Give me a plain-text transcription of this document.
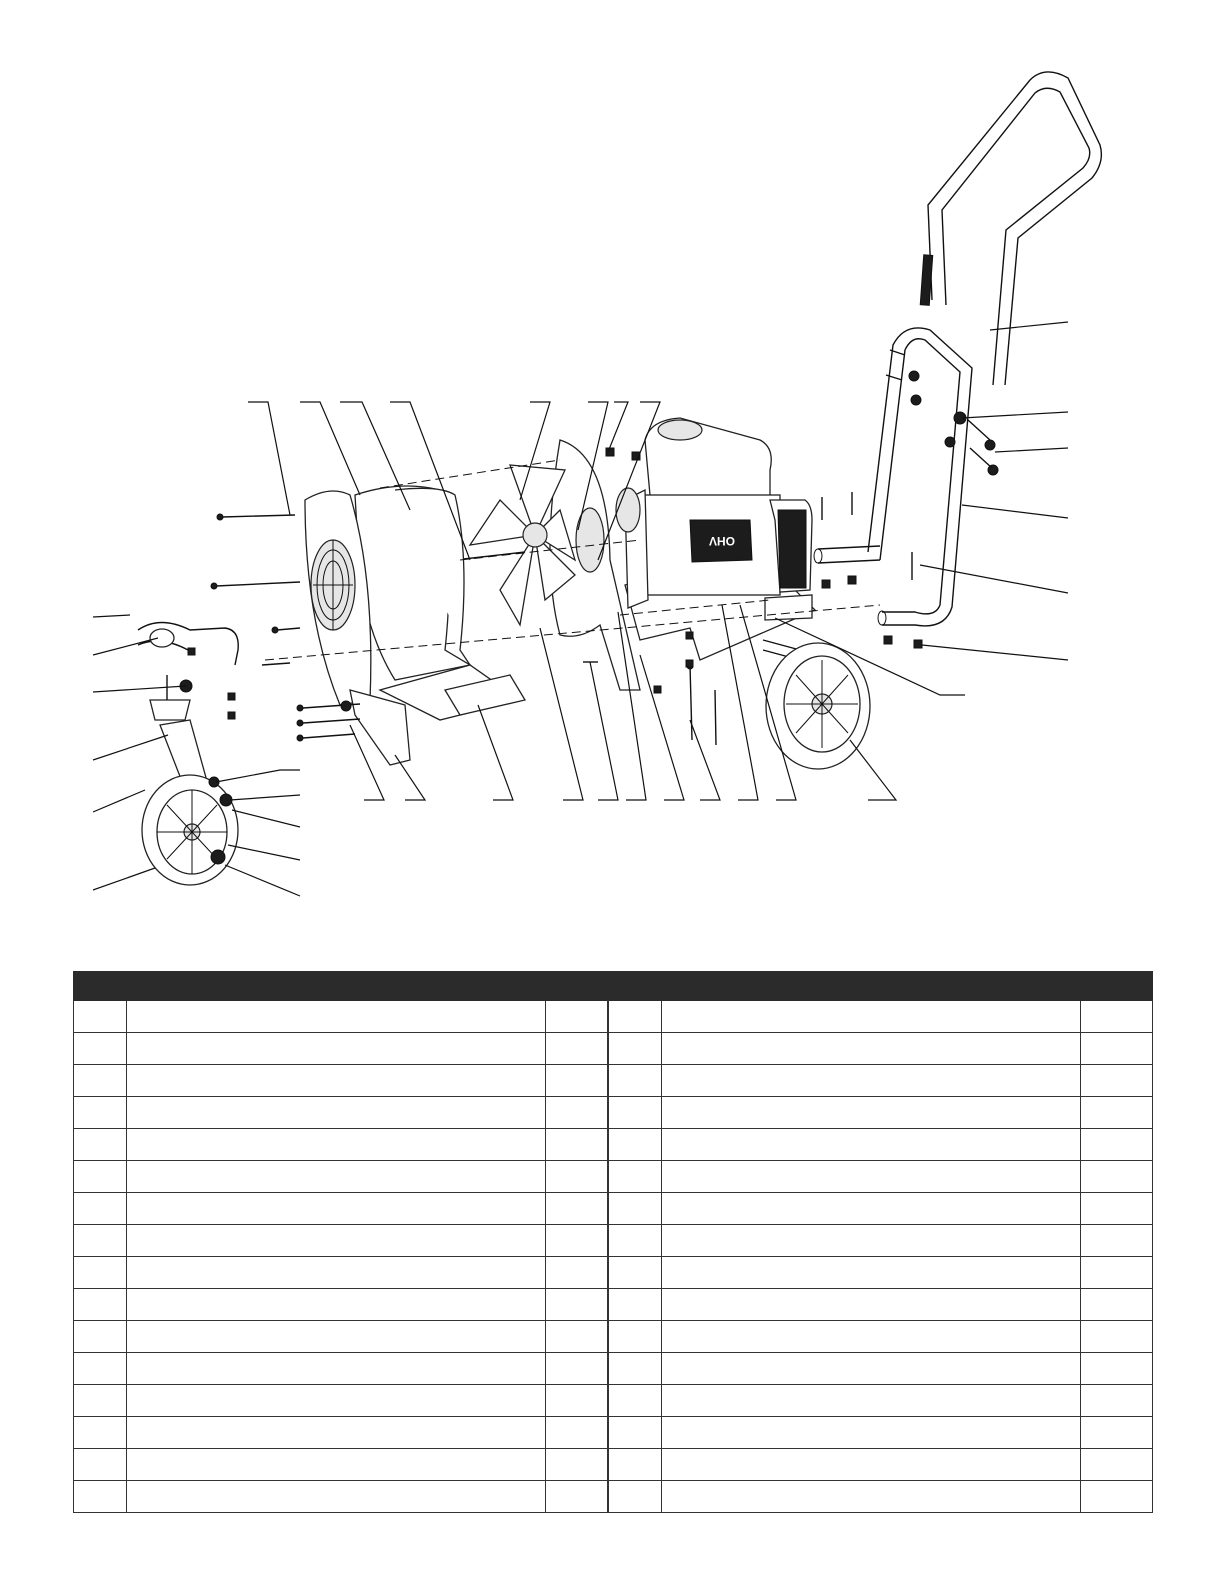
OHV
